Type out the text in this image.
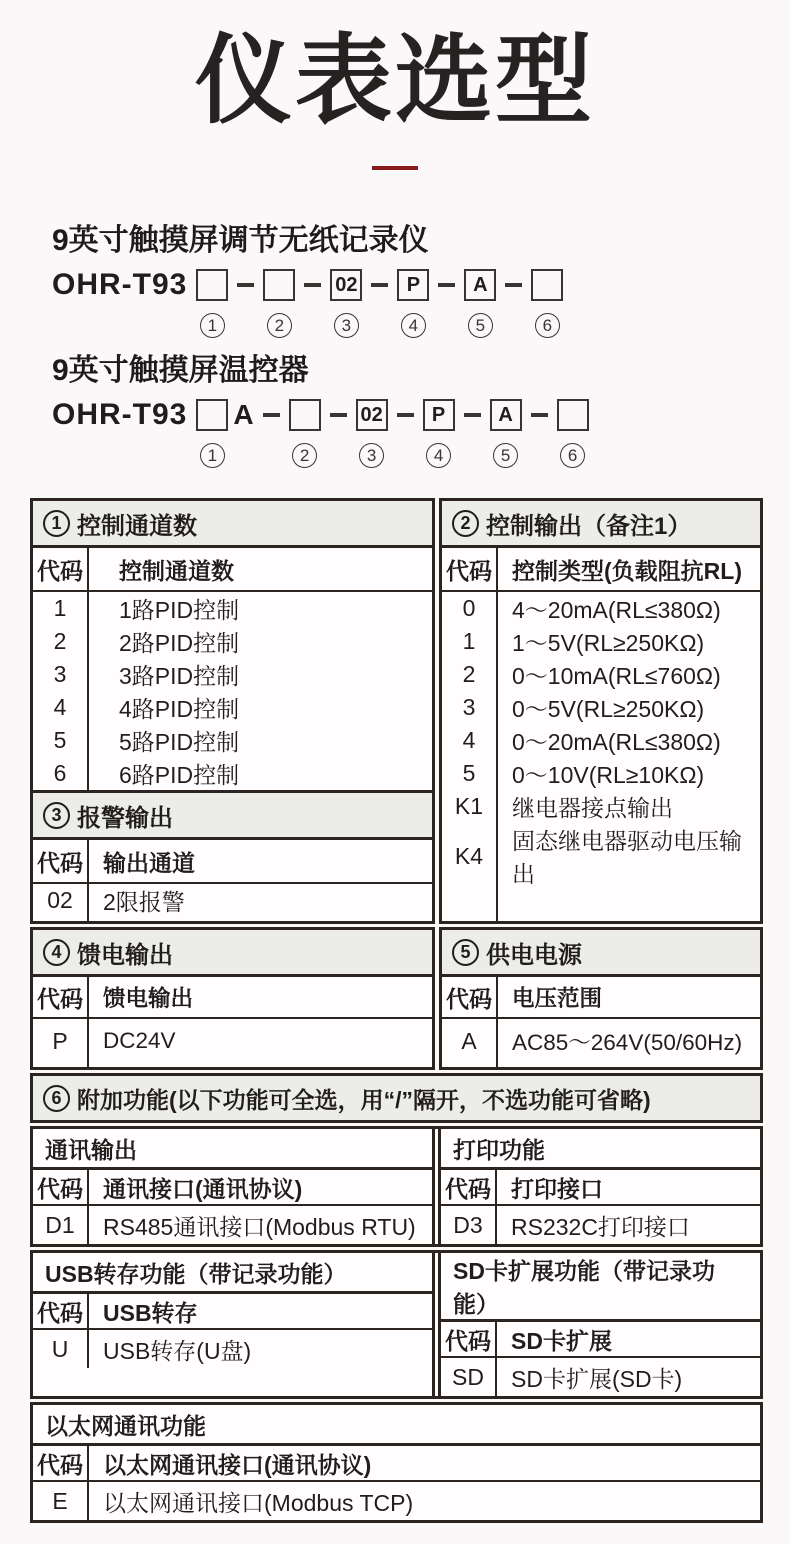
仪表选型
9英寸触摸屏调节无纸记录仪
OHR-T93
1	2
02
3
P
4
A
5	6
9英寸触摸屏温控器
OHR-T93 A
1	2
02
3
P
4
A
5	6
1 控制通道数
代码	控制通道数
1	1路PID控制
2	2路PID控制
3	3路PID控制
4	4路PID控制
5	5路PID控制
6	6路PID控制
3 报警输出
代码 输出通道
02	2限报警
2 控制输出（备注1）
代码 控制类型(负载阻抗RL)
0	4～20mA(RL≤380Ω)
1	1～5V(RL≥250KΩ)
2	0～10mA(RL≤760Ω)
3	0～5V(RL≥250KΩ)
4	0～20mA(RL≤380Ω)
5	0～10V(RL≥10KΩ)
K1	继电器接点输出
K4
固态继电器驱动电压输出
4 馈电输出
代码 馈电输出
P	DC24V
5 供电电源
代码 电压范围
A	AC85～264V(50/60Hz)
6 附加功能(以下功能可全选，用“/”隔开，不选功能可省略)
通讯输出
代码 通讯接口(通讯协议)
D1	RS485通讯接口(Modbus RTU)
打印功能
代码 打印接口
D3	RS232C打印接口
USB转存功能（带记录功能）
代码 USB转存
U	USB转存(U盘)
SD卡扩展功能（带记录功能）
代码 SD卡扩展
SD	SD卡扩展(SD卡)
以太网通讯功能
代码 以太网通讯接口(通讯协议)
E	以太网通讯接口(Modbus TCP)
